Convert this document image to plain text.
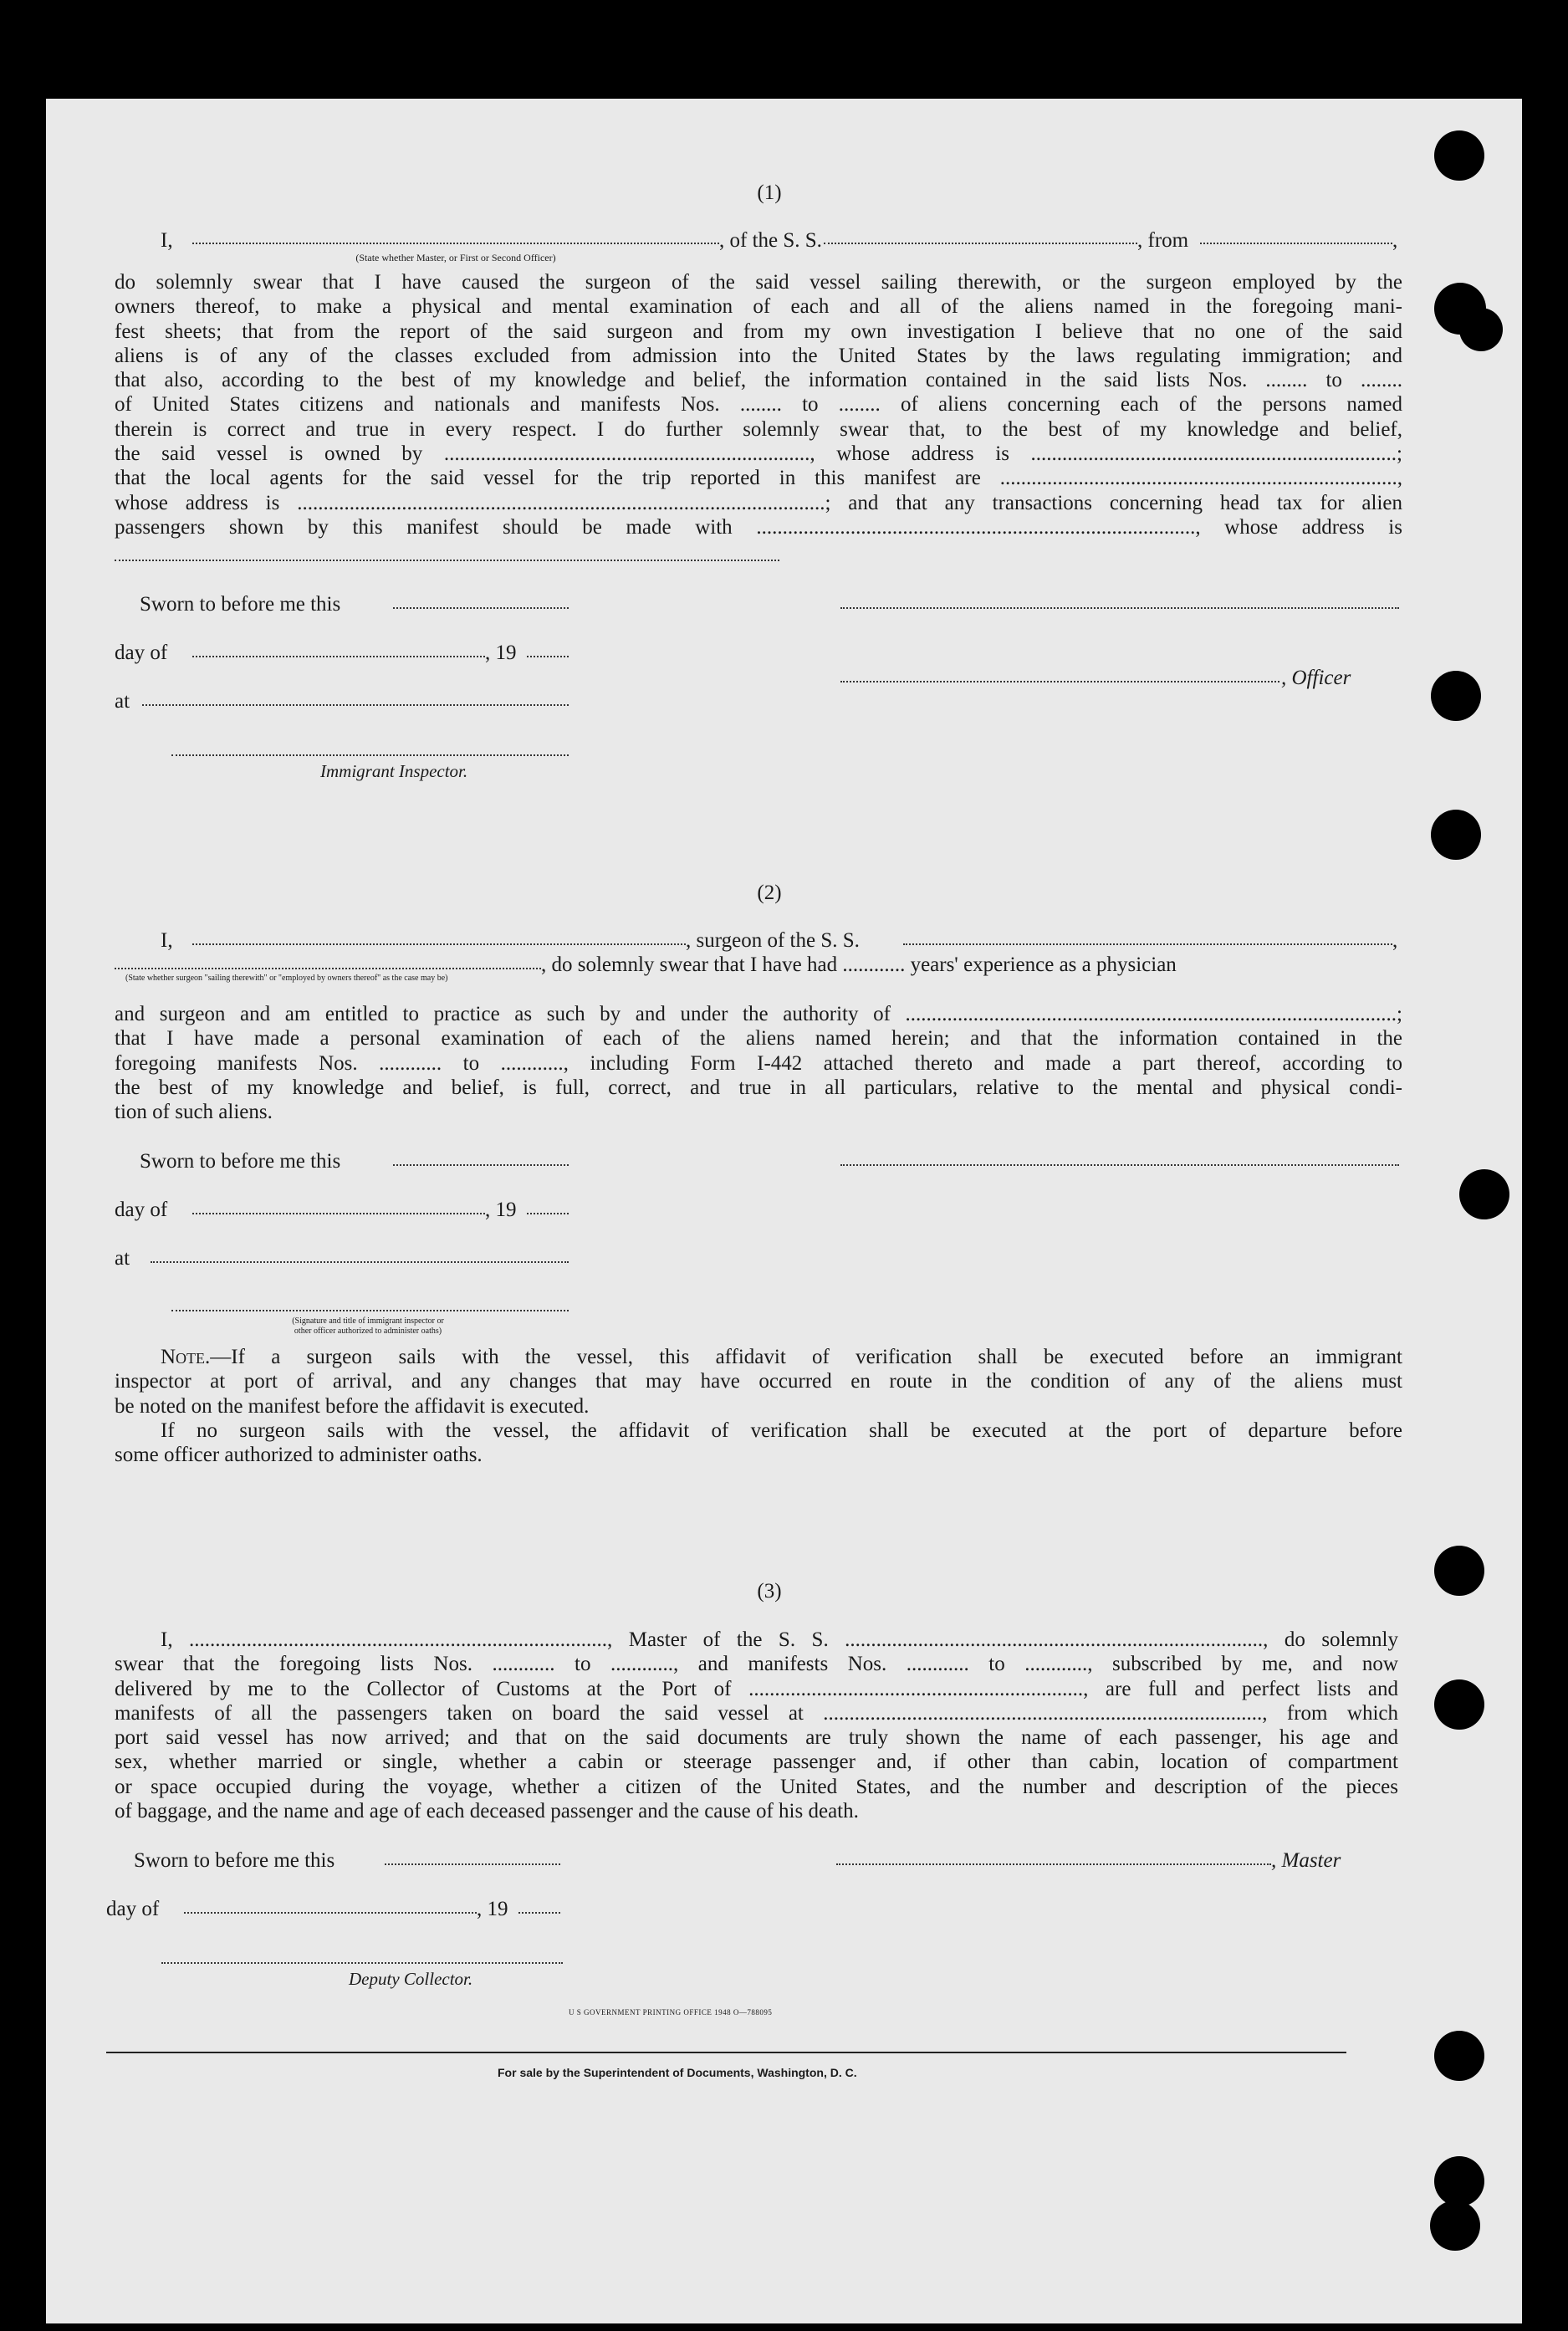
(1)
I,	, of the S. S.	, from	,
(State whether Master, or First or Second Officer)
do solemnly swear that I have caused the surgeon of the said vessel sailing therewith, or the surgeon employed by the
owners thereof, to make a physical and mental examination of each and all of the aliens named in the foregoing mani-
fest sheets; that from the report of the said surgeon and from my own investigation I believe that no one of the said
aliens is of any of the classes excluded from admission into the United States by the laws regulating immigration; and
that also, according to the best of my knowledge and belief, the information contained in the said lists Nos. ........ to ........
of United States citizens and nationals and manifests Nos. ........ to ........ of aliens concerning each of the persons named
therein is correct and true in every respect. I do further solemnly swear that, to the best of my knowledge and belief,
the said vessel is owned by ......................................................................, whose address is ......................................................................;
that the local agents for the said vessel for the trip reported in this manifest are ............................................................................,
whose address is .....................................................................................................; and that any transactions concerning head tax for alien
passengers shown by this manifest should be made with ...................................................................................., whose address is
Sworn to before me this
day of	, 19
, Officer
at
Immigrant Inspector.
(2)
I,	, surgeon of the S. S.	,
, do solemnly swear that I have had ............ years' experience as a physician
(State whether surgeon "sailing therewith" or "employed by owners thereof" as the case may be)
and surgeon and am entitled to practice as such by and under the authority of ..............................................................................................;
that I have made a personal examination of each of the aliens named herein; and that the information contained in the
foregoing manifests Nos. ............ to ............, including Form I-442 attached thereto and made a part thereof, according to
the best of my knowledge and belief, is full, correct, and true in all particulars, relative to the mental and physical condi-
tion of such aliens.
Sworn to before me this
day of	, 19
at
(Signature and title of immigrant inspector or
other officer authorized to administer oaths)
Note.—If a surgeon sails with the vessel, this affidavit of verification shall be executed before an immigrant
inspector at port of arrival, and any changes that may have occurred en route in the condition of any of the aliens must
be noted on the manifest before the affidavit is executed.
If no surgeon sails with the vessel, the affidavit of verification shall be executed at the port of departure before
some officer authorized to administer oaths.
(3)
I, ................................................................................, Master of the S. S. ................................................................................, do solemnly
swear that the foregoing lists Nos. ............ to ............, and manifests Nos. ............ to ............, subscribed by me, and now
delivered by me to the Collector of Customs at the Port of ................................................................, are full and perfect lists and
manifests of all the passengers taken on board the said vessel at ...................................................................................., from which
port said vessel has now arrived; and that on the said documents are truly shown the name of each passenger, his age and
sex, whether married or single, whether a cabin or steerage passenger and, if other than cabin, location of compartment
or space occupied during the voyage, whether a citizen of the United States, and the number and description of the pieces
of baggage, and the name and age of each deceased passenger and the cause of his death.
Sworn to before me this	, Master
day of	, 19
Deputy Collector.
U S GOVERNMENT PRINTING OFFICE 1948 O—788095
For sale by the Superintendent of Documents, Washington, D. C.
